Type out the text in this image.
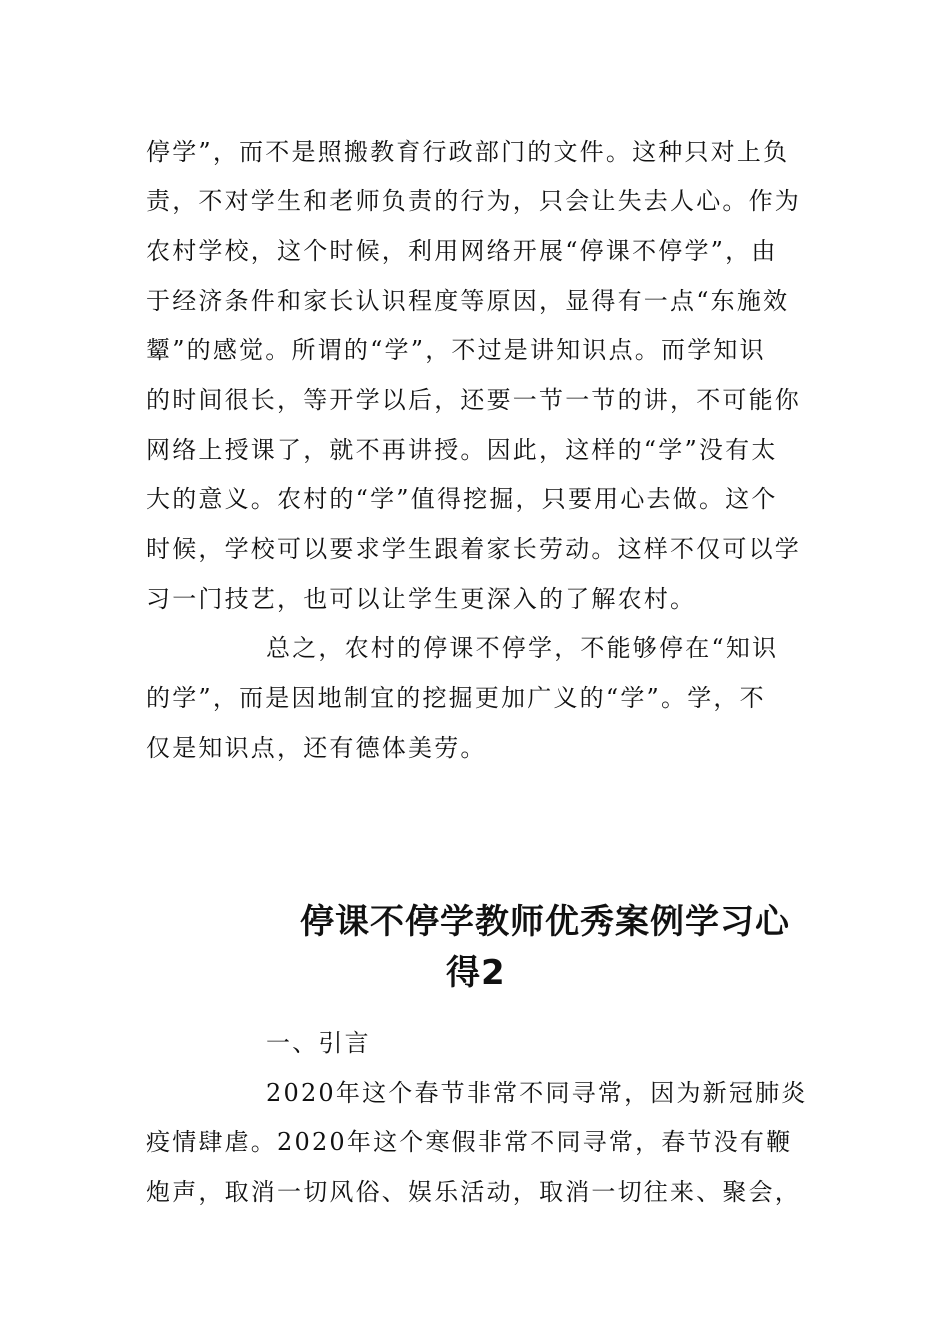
停学”，而不是照搬教育行政部门的文件。这种只对上负
责，不对学生和老师负责的行为，只会让失去人心。作为
农村学校，这个时候，利用网络开展“停课不停学”，由
于经济条件和家长认识程度等原因，显得有一点“东施效
颦”的感觉。所谓的“学”，不过是讲知识点。而学知识
的时间很长，等开学以后，还要一节一节的讲，不可能你
网络上授课了，就不再讲授。因此，这样的“学”没有太
大的意义。农村的“学”值得挖掘，只要用心去做。这个
时候，学校可以要求学生跟着家长劳动。这样不仅可以学
习一门技艺，也可以让学生更深入的了解农村。
总之，农村的停课不停学，不能够停在“知识
的学”，而是因地制宜的挖掘更加广义的“学”。学，不
仅是知识点，还有德体美劳。
停课不停学教师优秀案例学习心
得2
一、引言
2020年这个春节非常不同寻常，因为新冠肺炎
疫情肆虐。2020年这个寒假非常不同寻常，春节没有鞭
炮声，取消一切风俗、娱乐活动，取消一切往来、聚会，
